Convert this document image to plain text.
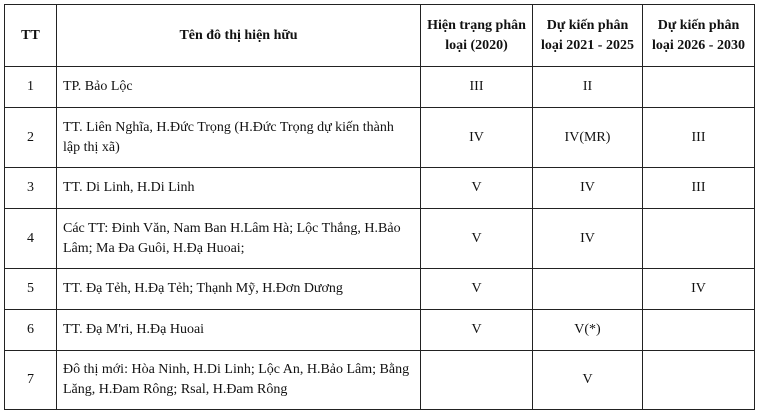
TT	Tên đô thị hiện hữu	Hiện trạng phân loại (2020)	Dự kiến phân loại 2021 - 2025	Dự kiến phân loại 2026 - 2030
1	TP. Bảo Lộc	III	II	
2	TT. Liên Nghĩa, H.Đức Trọng (H.Đức Trọng dự kiến thành lập thị xã)	IV	IV(MR)	III
3	TT. Di Linh, H.Di Linh	V	IV	III
4	Các TT: Đinh Văn, Nam Ban H.Lâm Hà; Lộc Thắng, H.Bảo Lâm; Ma Đa Guôi, H.Đạ Huoai;	V	IV	
5	TT. Đạ Tẻh, H.Đạ Tẻh; Thạnh Mỹ, H.Đơn Dương	V		IV
6	TT. Đạ M'ri, H.Đạ Huoai	V	V(*)	
7	Đô thị mới: Hòa Ninh, H.Di Linh; Lộc An, H.Bảo Lâm; Bằng Lăng, H.Đam Rông; Rsal, H.Đam Rông		V	
